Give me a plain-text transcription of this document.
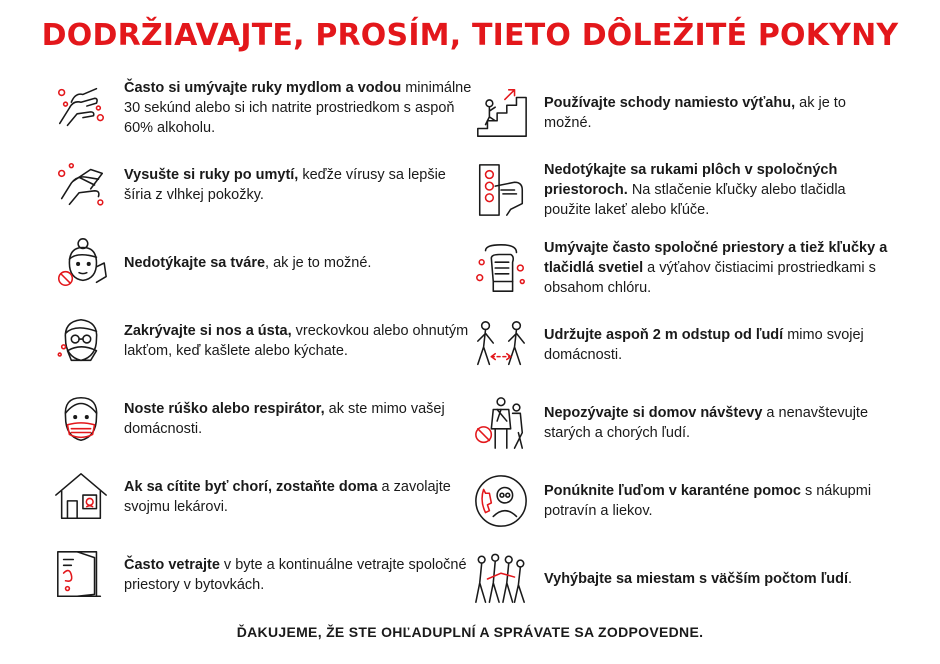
DODRŽIAVAJTE, PROSÍM, TIETO DÔLEŽITÉ POKYNY
Často si umývajte ruky mydlom a vodou minimálne 30 sekúnd alebo si ich natrite prostriedkom s aspoň 60% alkoholu.
Vysušte si ruky po umytí, keďže vírusy sa lepšie šíria z vlhkej pokožky.
Nedotýkajte sa tváre, ak je to možné.
Zakrývajte si nos a ústa, vreckovkou alebo ohnutým lakťom, keď kašlete alebo kýchate.
Noste rúško alebo respirátor, ak ste mimo vašej domácnosti.
Ak sa cítite byť chorí, zostaňte doma a zavolajte svojmu lekárovi.
Často vetrajte v byte a kontinuálne vetrajte spoločné priestory v bytovkách.
Používajte schody namiesto výťahu, ak je to možné.
Nedotýkajte sa rukami plôch v spoločných priestoroch. Na stlačenie kľučky alebo tlačidla použite lakeť alebo kľúče.
Umývajte často spoločné priestory a tiež kľučky a tlačidlá svetiel a výťahov čistiacimi prostriedkami s obsahom chlóru.
Udržujte aspoň 2 m odstup od ľudí mimo svojej domácnosti.
Nepozývajte si domov návštevy a nenavštevujte starých a chorých ľudí.
Ponúknite ľuďom v karanténe pomoc s nákupmi potravín a liekov.
Vyhýbajte sa miestam s väčším počtom ľudí.
ĎAKUJEME, ŽE STE OHĽADUPLNÍ A SPRÁVATE SA ZODPOVEDNE.
